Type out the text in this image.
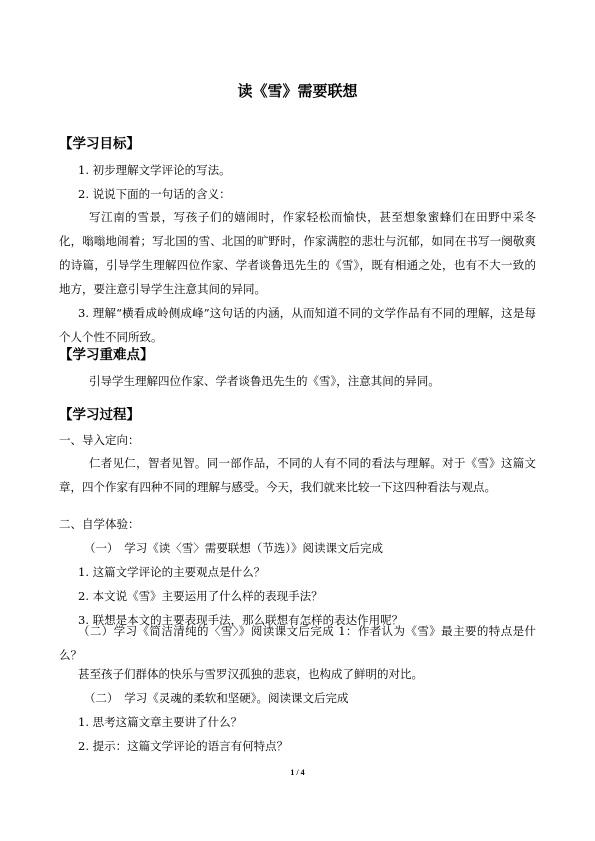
读《雪》需要联想
【学习目标】
1. 初步理解文学评论的写法。
2. 说说下面的一句话的含义：
写江南的雪景，写孩子们的嬉闹时，作家轻松而愉快，甚至想象蜜蜂们在田野中采冬化，嗡嗡地闹着；写北国的雪、北国的旷野时，作家满腔的悲壮与沉郁，如同在书写一阕敬爽的诗篇，引导学生理解四位作家、学者谈鲁迅先生的《雪》，既有相通之处，也有不大一致的地方，要注意引导学生注意其间的异同。
3. 理解“横看成岭侧成峰”这句话的内涵，从而知道不同的文学作品有不同的理解，这是每个人个性不同所致。
【学习重难点】
引导学生理解四位作家、学者谈鲁迅先生的《雪》，注意其间的异同。
【学习过程】
一、导入定向：
仁者见仁，智者见智。同一部作品，不同的人有不同的看法与理解。对于《雪》这篇文章，四个作家有四种不同的理解与感受。今天，我们就来比较一下这四种看法与观点。
二、自学体验：
（一）　学习《读〈雪〉需要联想（节选）》阅读课文后完成
1. 这篇文学评论的主要观点是什么？
2. 本文说《雪》主要运用了什么样的表现手法？
3. 联想是本文的主要表现手法，那么联想有怎样的表达作用呢？
（二）学习《简洁清纯的〈雪〉》阅读课文后完成 1：作者认为《雪》最主要的特点是什么？
甚至孩子们群体的快乐与雪罗汉孤独的悲哀，也构成了鲜明的对比。
（二）　学习《灵魂的柔软和坚硬》。阅读课文后完成
1. 思考这篇文章主要讲了什么？
2. 提示：这篇文学评论的语言有何特点？
1 / 4
